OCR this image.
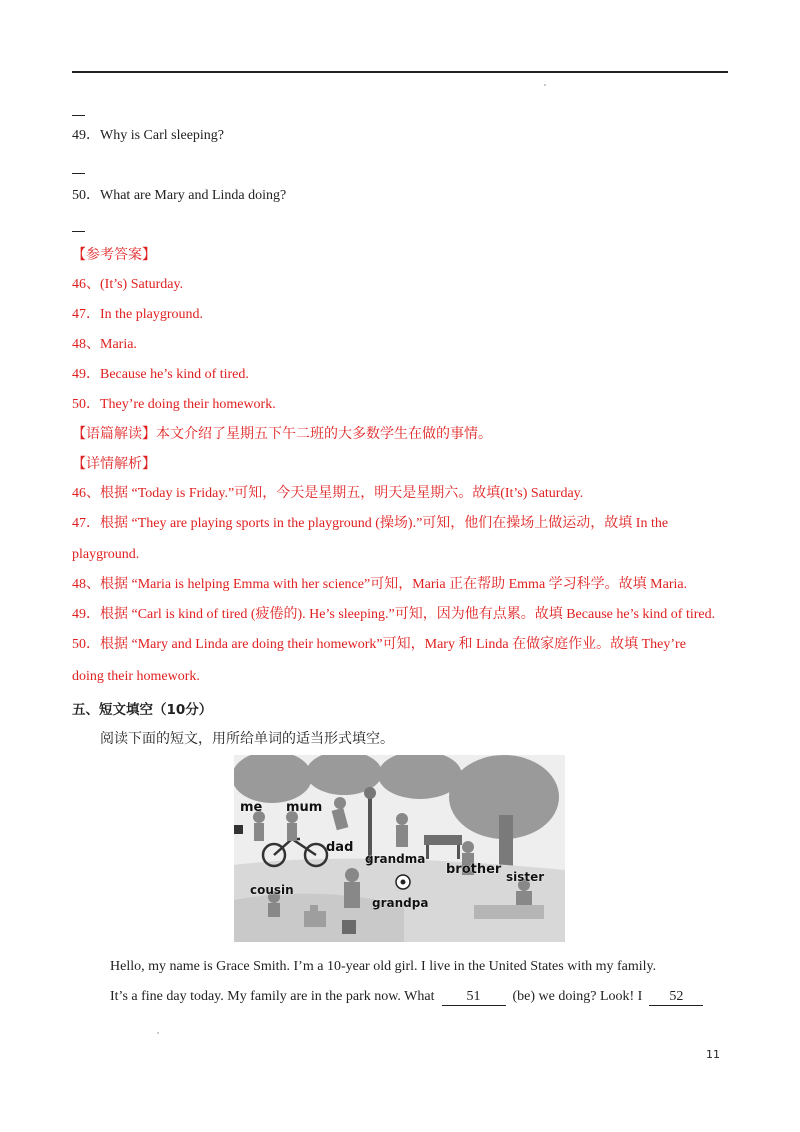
49．Why is Carl sleeping?
50．What are Mary and Linda doing?
【参考答案】
46、(It’s) Saturday.
47．In the playground.
48、Maria.
49．Because he’s kind of tired.
50．They’re doing their homework.
【语篇解读】本文介绍了星期五下午二班的大多数学生在做的事情。
【详情解析】
46、根据 “Today is Friday.”可知，今天是星期五，明天是星期六。故填(It’s) Saturday.
47．根据 “They are playing sports in the playground (操场).”可知，他们在操场上做运动，故填 In the
playground.
48、根据 “Maria is helping Emma with her science”可知，Maria 正在帮助 Emma 学习科学。故填 Maria.
49．根据 “Carl is kind of tired (疲倦的). He’s sleeping.”可知，因为他有点累。故填 Because he’s kind of tired.
50．根据 “Mary and Linda are doing their homework”可知，Mary 和 Linda 在做家庭作业。故填 They’re
doing their homework.
五、短文填空（10分）
阅读下面的短文，用所给单词的适当形式填空。
me mum
dad
grandma
brother
cousin
sister
grandpa
Hello, my name is Grace Smith. I’m a 10-year old girl. I live in the United States with my family.
It’s a fine day today. My family are in the park now. What 51 (be) we doing? Look! I 52
11
